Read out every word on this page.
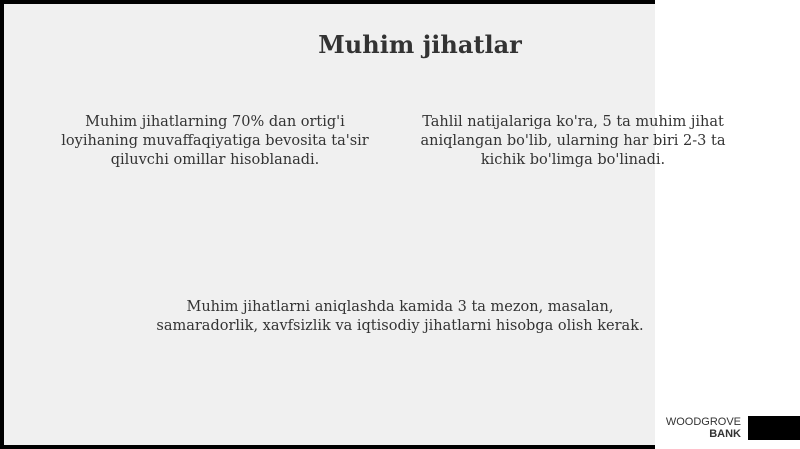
Muhim jihatlar

Muhim jihatlarning 70% dan ortig'i loyihaning muvaffaqiyatiga bevosita ta'sir qiluvchi omillar hisoblanadi.

Tahlil natijalariga ko'ra, 5 ta muhim jihat aniqlangan bo'lib, ularning har biri 2-3 ta kichik bo'limga bo'linadi.

Muhim jihatlarni aniqlashda kamida 3 ta mezon, masalan, samaradorlik, xavfsizlik va iqtisodiy jihatlarni hisobga olish kerak.

WOODGROVE
BANK
